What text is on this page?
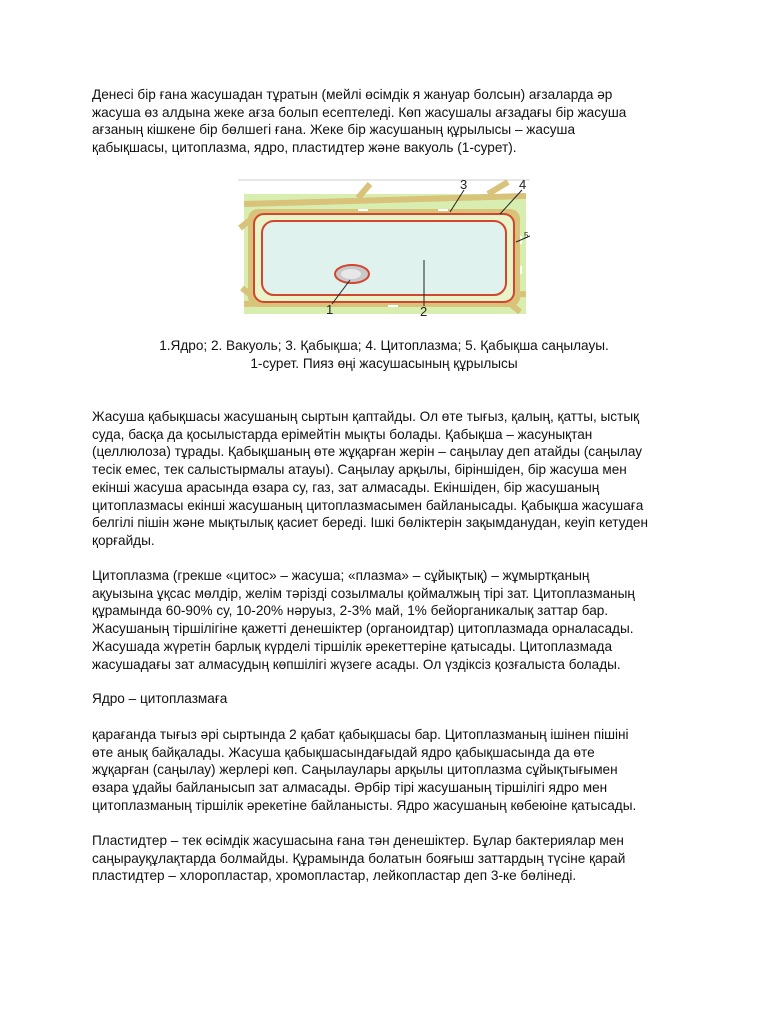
Денесі бір ғана жасушадан тұратын (мейлі өсімдік я жануар болсын) ағзаларда әр
жасуша өз алдына жеке ағза болып есептеледі. Көп жасушалы ағзадағы бір жасуша
ағзаның кішкене бір бөлшегі ғана. Жеке бір жасушаның құрылысы – жасуша
қабықшасы, цитоплазма, ядро, пластидтер және вакуоль (1-сурет).

1	2
3	4
5
1.Ядро; 2. Вакуоль; 3. Қабықша; 4. Цитоплазма; 5. Қабықша саңылауы.
1-сурет. Пияз өңі жасушасының құрылысы

Жасуша қабықшасы жасушаның сыртын қаптайды. Ол өте тығыз, қалың, қатты, ыстық
суда, басқа да қосылыстарда ерімейтін мықты болады. Қабықша – жасунықтан
(целлюлоза) тұрады. Қабықшаның өте жұқарған жерін – саңылау деп атайды (саңылау
тесік емес, тек салыстырмалы атауы). Саңылау арқылы, біріншіден, бір жасуша мен
екінші жасуша арасында өзара су, газ, зат алмасады. Екіншіден, бір жасушаның
цитоплазмасы екінші жасушаның цитоплазмасымен байланысады. Қабықша жасушаға
белгілі пішін және мықтылық қасиет береді. Ішкі бөліктерін зақымданудан, кеуіп кетуден
қорғайды.

Цитоплазма (грекше «цитос» – жасуша; «плазма» – сұйықтық) – жұмыртқаның
ақуызына ұқсас мөлдір, желім тәрізді созылмалы қоймалжың тірі зат. Цитоплазманың
құрамында 60-90% су, 10-20% нәруыз, 2-3% май, 1% бейорганикалық заттар бар.
Жасушаның тіршілігіне қажетті денешіктер (органоидтар) цитоплазмада орналасады.
Жасушада жүретін барлық күрделі тіршілік әрекеттеріне қатысады. Цитоплазмада
жасушадағы зат алмасудың көпшілігі жүзеге асады. Ол үздіксіз қозғалыста болады.

Ядро – цитоплазмаға

қарағанда тығыз әрі сыртында 2 қабат қабықшасы бар. Цитоплазманың ішінен пішіні
өте анық байқалады. Жасуша қабықшасындағыдай ядро қабықшасында да өте
жұқарған (саңылау) жерлері көп. Саңылаулары арқылы цитоплазма сұйықтығымен
өзара ұдайы байланысып зат алмасады. Әрбір тірі жасушаның тіршілігі ядро мен
цитоплазманың тіршілік әрекетіне байланысты. Ядро жасушаның көбеюіне қатысады.

Пластидтер – тек өсімдік жасушасына ғана тән денешіктер. Бұлар бактериялар мен
саңырауқұлақтарда болмайды. Құрамында болатын бояғыш заттардың түсіне қарай
пластидтер – хлоропластар, хромопластар, лейкопластар деп 3-ке бөлінеді.
